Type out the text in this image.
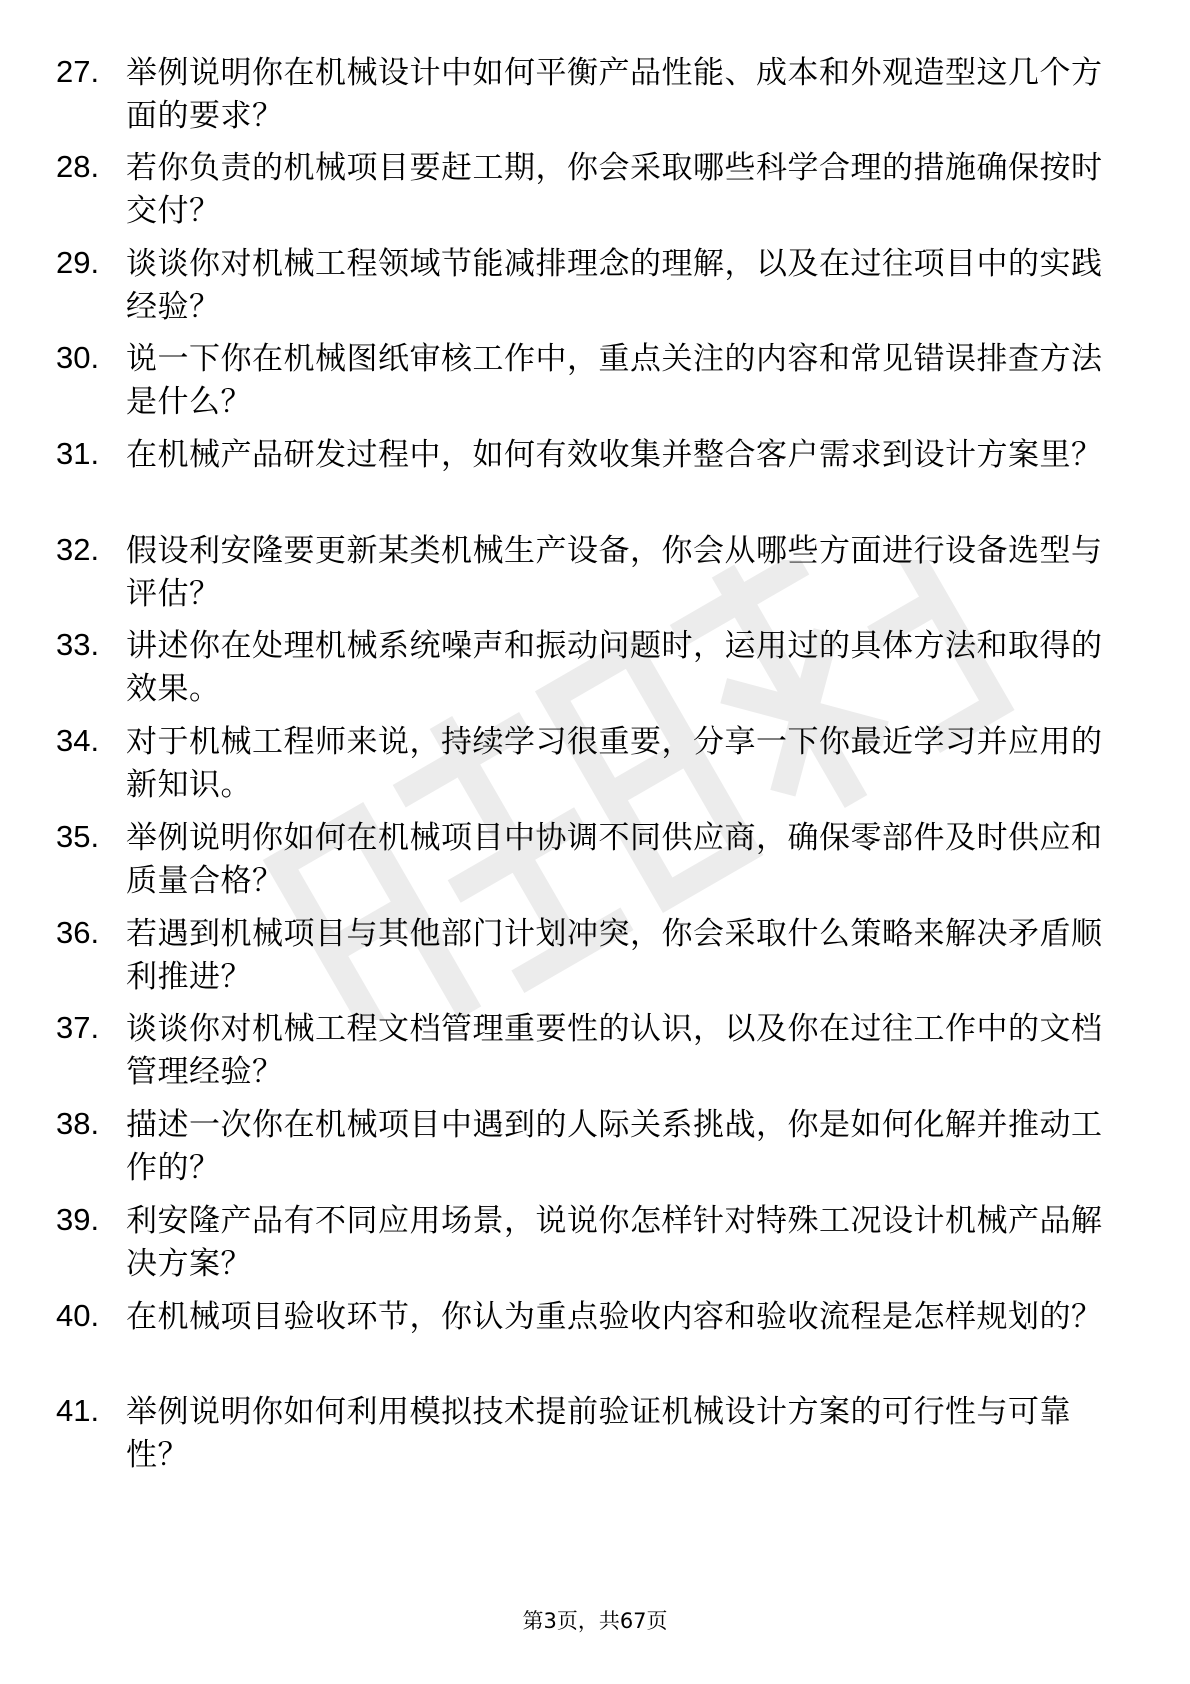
27. 举例说明你在机械设计中如何平衡产品性能、成本和外观造型这几个方面的要求？
28. 若你负责的机械项目要赶工期，你会采取哪些科学合理的措施确保按时交付？
29. 谈谈你对机械工程领域节能减排理念的理解，以及在过往项目中的实践经验？
30. 说一下你在机械图纸审核工作中，重点关注的内容和常见错误排查方法是什么？
31. 在机械产品研发过程中，如何有效收集并整合客户需求到设计方案里？
32. 假设利安隆要更新某类机械生产设备，你会从哪些方面进行设备选型与评估？
33. 讲述你在处理机械系统噪声和振动问题时，运用过的具体方法和取得的效果。
34. 对于机械工程师来说，持续学习很重要，分享一下你最近学习并应用的新知识。
35. 举例说明你如何在机械项目中协调不同供应商，确保零部件及时供应和质量合格？
36. 若遇到机械项目与其他部门计划冲突，你会采取什么策略来解决矛盾顺利推进？
37. 谈谈你对机械工程文档管理重要性的认识，以及你在过往工作中的文档管理经验？
38. 描述一次你在机械项目中遇到的人际关系挑战，你是如何化解并推动工作的？
39. 利安隆产品有不同应用场景，说说你怎样针对特殊工况设计机械产品解决方案？
40. 在机械项目验收环节，你认为重点验收内容和验收流程是怎样规划的？
41. 举例说明你如何利用模拟技术提前验证机械设计方案的可行性与可靠性？
第3页，共67页
